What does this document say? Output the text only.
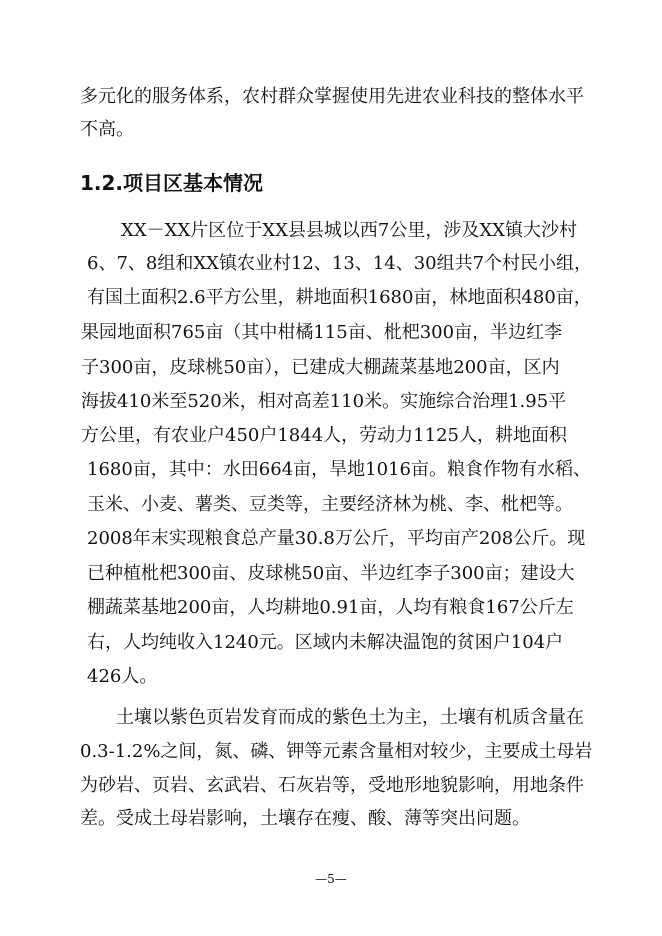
多元化的服务体系，农村群众掌握使用先进农业科技的整体水平
不高。
1.2.项目区基本情况
XX－XX片区位于XX县县城以西7公里，涉及XX镇大沙村
6、7、8组和XX镇农业村12、13、14、30组共7个村民小组，
有国土面积2.6平方公里，耕地面积1680亩，林地面积480亩，
果园地面积765亩（其中柑橘115亩、枇杷300亩，半边红李
子300亩，皮球桃50亩），已建成大棚蔬菜基地200亩，区内
海拔410米至520米，相对高差110米。实施综合治理1.95平
方公里，有农业户450户1844人，劳动力1125人，耕地面积
1680亩，其中：水田664亩，旱地1016亩。粮食作物有水稻、
玉米、小麦、薯类、豆类等，主要经济林为桃、李、枇杷等。
2008年末实现粮食总产量30.8万公斤，平均亩产208公斤。现
已种植枇杷300亩、皮球桃50亩、半边红李子300亩；建设大
棚蔬菜基地200亩，人均耕地0.91亩，人均有粮食167公斤左
右，人均纯收入1240元。区域内未解决温饱的贫困户104户
426人。
土壤以紫色页岩发育而成的紫色土为主，土壤有机质含量在
0.3-1.2%之间，氮、磷、钾等元素含量相对较少，主要成土母岩
为砂岩、页岩、玄武岩、石灰岩等，受地形地貌影响，用地条件
差。受成土母岩影响，土壤存在瘦、酸、薄等突出问题。
—5—
